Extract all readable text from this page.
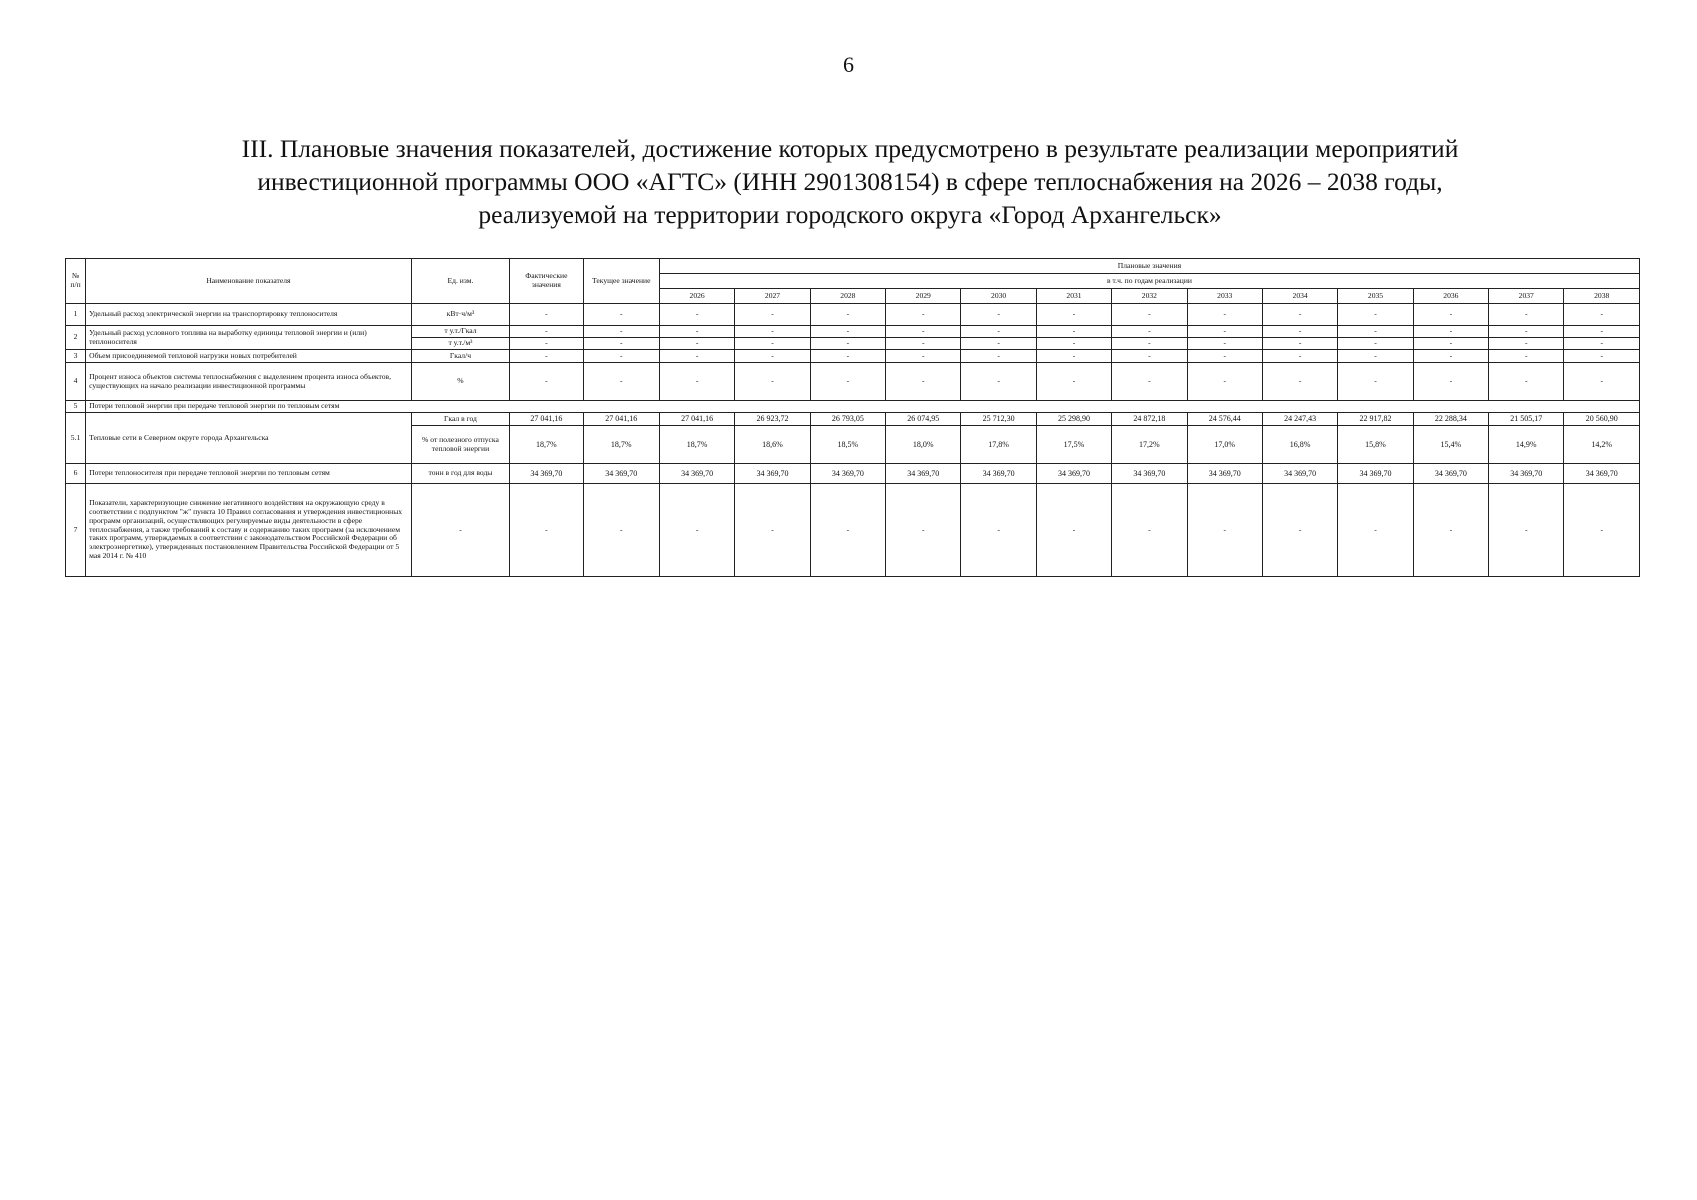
6
III. Плановые значения показателей, достижение которых предусмотрено в результате реализации мероприятий
инвестиционной программы ООО «АГТС» (ИНН 2901308154) в сфере теплоснабжения на 2026 – 2038 годы,
реализуемой на территории городского округа «Город Архангельск»
№ п/п	Наименование показателя	Ед. изм.	Фактические значения	Текущее значение	Плановые значения												
					в т.ч. по годам реализации												
					2026	2027	2028	2029	2030	2031	2032	2033	2034	2035	2036	2037	2038
1	Удельный расход электрической энергии на транспортировку теплоносителя	кВт·ч/м³	-	-	-	-	-	-	-	-	-	-	-	-	-	-	-
2	Удельный расход условного топлива на выработку единицы тепловой энергии и (или) теплоносителя	т у.т./Гкал	-	-	-	-	-	-	-	-	-	-	-	-	-	-	-
		т у.т./м³	-	-	-	-	-	-	-	-	-	-	-	-	-	-	-
3	Объем присоединяемой тепловой нагрузки новых потребителей	Гкал/ч	-	-	-	-	-	-	-	-	-	-	-	-	-	-	-
4	Процент износа объектов системы теплоснабжения с выделением процента износа объектов, существующих на начало реализации инвестиционной программы	%	-	-	-	-	-	-	-	-	-	-	-	-	-	-	-
5	Потери тепловой энергии при передаче тепловой энергии по тепловым сетям																
5.1	Тепловые сети в Северном округе города Архангельска	Гкал в год	27 041,16	27 041,16	27 041,16	26 923,72	26 793,05	26 074,95	25 712,30	25 298,90	24 872,18	24 576,44	24 247,43	22 917,82	22 288,34	21 505,17	20 560,90
		% от полезного отпуска тепловой энергии	18,7%	18,7%	18,7%	18,6%	18,5%	18,0%	17,8%	17,5%	17,2%	17,0%	16,8%	15,8%	15,4%	14,9%	14,2%
6	Потери теплоносителя при передаче тепловой энергии по тепловым сетям	тонн в год для воды	34 369,70	34 369,70	34 369,70	34 369,70	34 369,70	34 369,70	34 369,70	34 369,70	34 369,70	34 369,70	34 369,70	34 369,70	34 369,70	34 369,70	34 369,70
7	Показатели, характеризующие снижение негативного воздействия на окружающую среду в соответствии с подпунктом "ж" пункта 10 Правил согласования и утверждения инвестиционных программ организаций, осуществляющих регулируемые виды деятельности в сфере теплоснабжения, а также требований к составу и содержанию таких программ (за исключением таких программ, утверждаемых в соответствии с законодательством Российской Федерации об электроэнергетике), утвержденных постановлением Правительства Российской Федерации от 5 мая 2014 г. № 410	-	-	-	-	-	-	-	-	-	-	-	-	-	-	-	-
